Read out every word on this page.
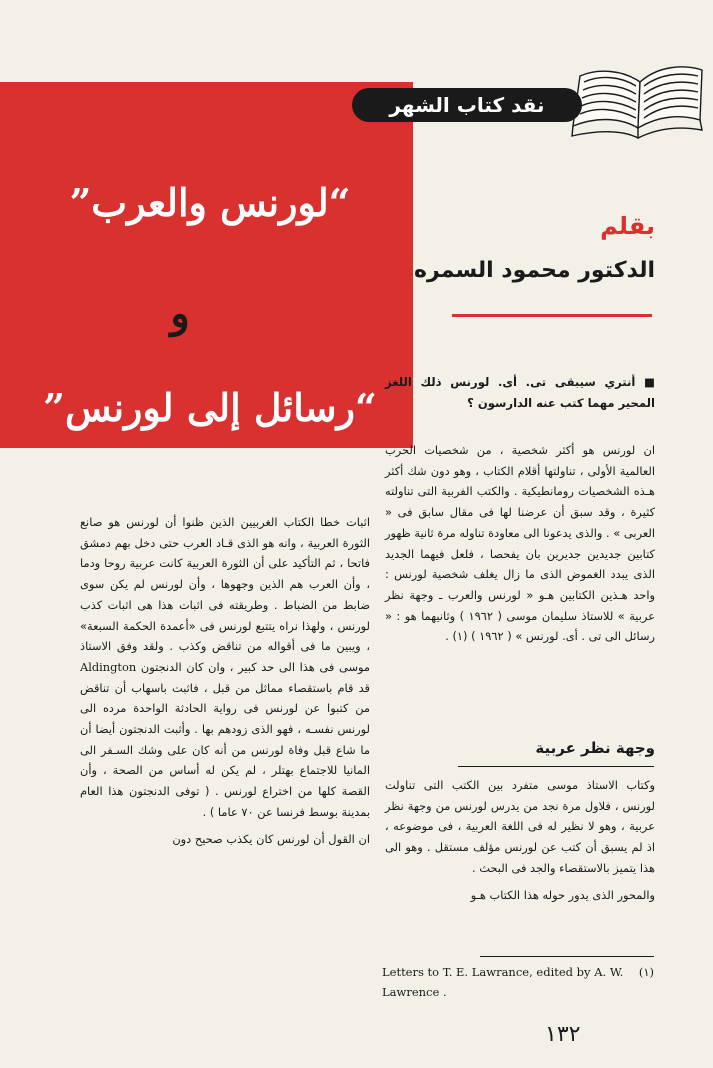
“لورنس والعرب”
و
“رسائل إلى لورنس”
نقد كتاب الشهر
بقلم
الدكتور محمود السمره
■ أنتري سيبقى تى. أى. لورنس ذلك اللغز المحير مهما كتب عنه الدارسون ؟

ان لورنس هو أكثر شخصية ، من شخصيات الحرب العالمية الأولى ، تناولتها أقلام الكتاب ، وهو دون شك أكثر هـذه الشخصيات رومانطيكية . والكتب الفربية التى تناولته كثيرة ، وقد سبق أن عرضنا لها فى مقال سابق فى « العربى » . والذى يدعونا الى معاودة تناوله مرة ثانية ظهور كتابين جديدين جديرين بان يفحصا ، فلعل فيهما الجديد الذى يبدد الغموض الذى ما زال يغلف شخصية لورنس : واحد هـذين الكتابين هـو « لورنس والعرب ـ وجهة نظر عربية » للاستاذ سليمان موسى ( ١٩٦٢ ) وثانيهما هو : « رسائل الى تى . أى. لورنس » ( ١٩٦٢ ) (١) .

وجهة نظر عربية

وكتاب الاستاذ موسى متفرد بين الكتب التى تناولت لورنس ، فلاول مرة نجد من يدرس لورنس من وجهة نظر عربية ، وهو لا نظير له فى اللغة العربية ، فى موضوعه ، اذ لم يسبق أن كتب عن لورنس مؤلف مستقل . وهو الى هذا يتميز بالاستقصاء والجد فى البحث .

والمحور الذى يدور حوله هذا الكتاب هـو

Letters to T. E. Lawrance, edited by A. W. Lawrence .
(١)

اثبات خطا الكتاب الغربيين الذين ظنوا أن لورنس هو صانع الثورة العربية ، وانه هو الذى قـاد العرب حتى دخل بهم دمشق فاتحا ، ثم التأكيد على أن الثورة العربية كانت عربية روحا ودما ، وأن العرب هم الذين وجهوها ، وأن لورنس لم يكن سوى ضابط من الضباط . وطريقته فى اثبات هذا هى اثبات كذب لورنس ، ولهذا نراه يتتبع لورنس فى «أعمدة الحكمة السبعة» ، ويبين ما فى أقواله من تناقض وكذب . ولقد وفق الاستاذ موسى فى هذا الى حد كبير ، وان كان الدنجتون Aldington قد قام باستقصاء مماثل من قبل ، فاثبت باسهاب أن تناقض من كتبوا عن لورنس فى رواية الحادثة الواحدة مرده الى لورنس نفسـه ، فهو الذى زودهم بها . وأثبت الدنجتون أيضا أن ما شاع قبل وفاة لورنس من أنه كان على وشك السـفر الى المانيا للاجتماع بهتلر ، لم يكن له أساس من الصحة ، وأن القصة كلها من اختراع لورنس . ( توفى الدنجتون هذا العام بمدينة بوسط فرنسا عن ٧٠ عاما ) .

ان القول أن لورنس كان يكذب صحيح دون

١٣٢
